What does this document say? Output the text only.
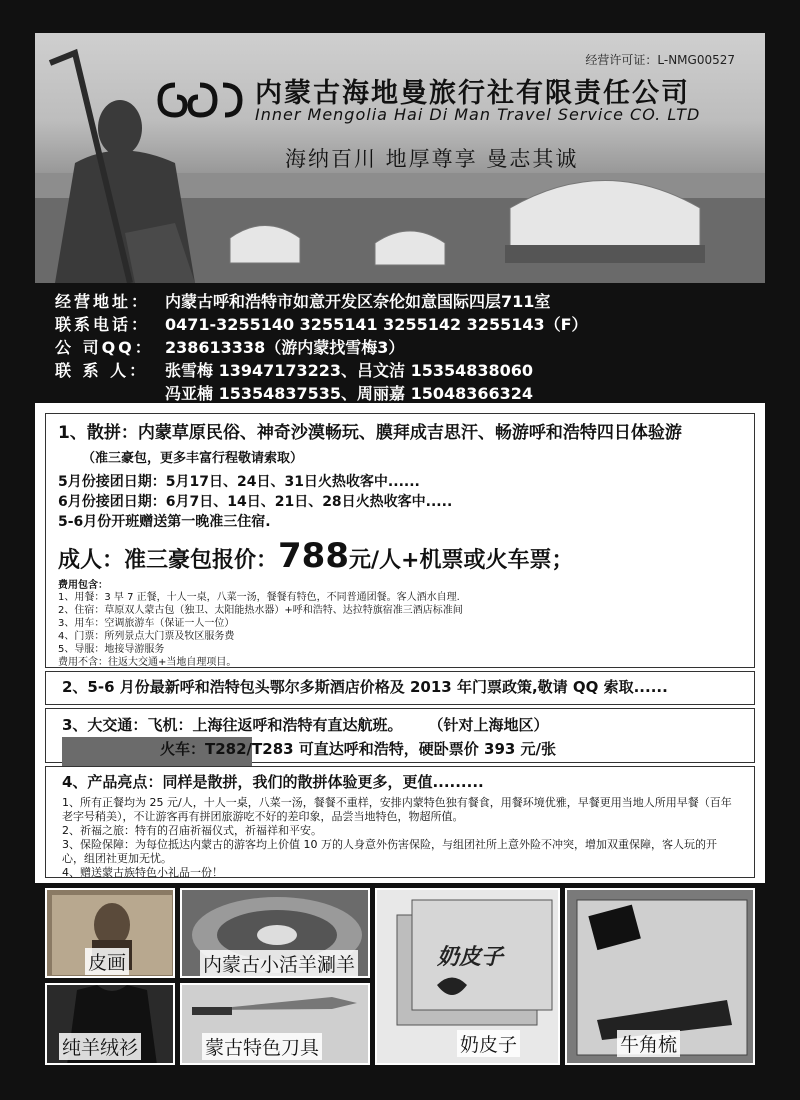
经营许可证：L-NMG00527
内蒙古海地曼旅行社有限责任公司
Inner Mengolia Hai Di Man Travel Service CO. LTD
海纳百川 地厚尊享 曼志其诚
经营地址： 内蒙古呼和浩特市如意开发区奈伦如意国际四层711室
联系电话： 0471-3255140 3255141 3255142 3255143（F）
公 司QQ： 238613338（游内蒙找雪梅3）
联 系 人： 张雪梅 13947173223、吕文洁 15354838060
冯亚楠 15354837535、周丽嘉 15048366324
1、散拼：内蒙草原民俗、神奇沙漠畅玩、膜拜成吉思汗、畅游呼和浩特四日体验游
（准三豪包，更多丰富行程敬请索取）
5月份接团日期：5月17日、24日、31日火热收客中......
6月份接团日期：6月7日、14日、21日、28日火热收客中.....
5-6月份开班赠送第一晚准三住宿.
成人：准三豪包报价：788元/人+机票或火车票；
费用包含：
1、用餐：3 早 7 正餐，十人一桌，八菜一汤，餐餐有特色，不同普通团餐。客人酒水自理.
2、住宿：草原双人蒙古包（独卫、太阳能热水器）+呼和浩特、达拉特旗宿准三酒店标准间
3、用车：空调旅游车（保证一人一位）
4、门票：所列景点大门票及牧区服务费
5、导服：地接导游服务
费用不含：往返大交通+当地自理项目。
2、5-6 月份最新呼和浩特包头鄂尔多斯酒店价格及 2013 年门票政策,敬请 QQ 索取......
3、大交通：飞机：上海往返呼和浩特有直达航班。 （针对上海地区）
火车：T282/T283 可直达呼和浩特，硬卧票价 393 元/张
4、产品亮点：同样是散拼，我们的散拼体验更多，更值.........
1、所有正餐均为 25 元/人，十人一桌，八菜一汤，餐餐不重样，安排内蒙特色独有餐食，用餐环境优雅，早餐更用当地人所用早餐（百年老字号稍美），不让游客再有拼团旅游吃不好的差印象，品尝当地特色，物超所值。
2、祈福之旅：特有的召庙祈福仪式，祈福祥和平安。
3、保险保障：为每位抵达内蒙古的游客均上价值 10 万的人身意外伤害保险，与组团社所上意外险不冲突，增加双重保障，客人玩的开心，组团社更加无忧。
4、赠送蒙古族特色小礼品一份！
皮画	内蒙古小活羊涮羊
纯羊绒衫	蒙古特色刀具
奶皮子
奶皮子	牛角梳
